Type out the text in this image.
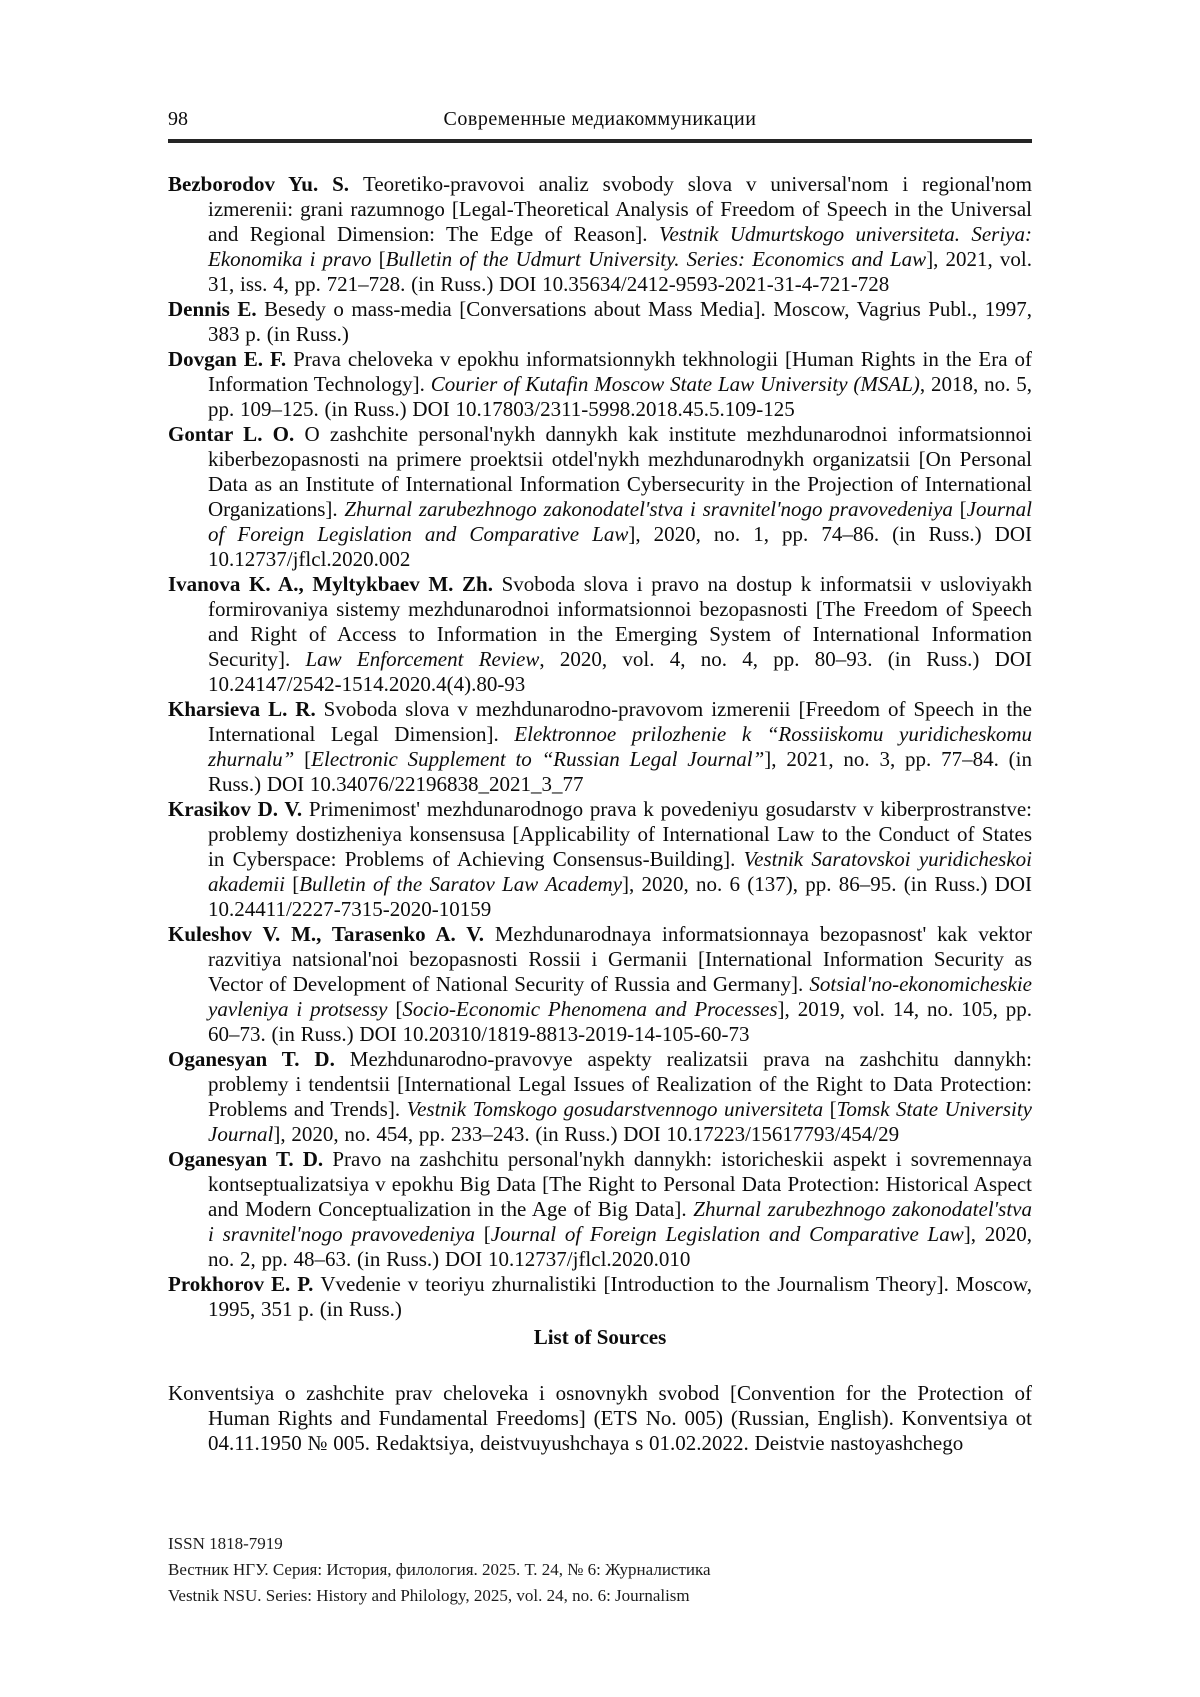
98	Современные медиакоммуникации

Bezborodov Yu. S. Teoretiko-pravovoi analiz svobody slova v universal'nom i regional'nom izmerenii: grani razumnogo [Legal-Theoretical Analysis of Freedom of Speech in the Universal and Regional Dimension: The Edge of Reason]. Vestnik Udmurtskogo universiteta. Seriya: Ekonomika i pravo [Bulletin of the Udmurt University. Series: Economics and Law], 2021, vol. 31, iss. 4, pp. 721–728. (in Russ.) DOI 10.35634/2412-9593-2021-31-4-721-728

Dennis E. Besedy o mass-media [Conversations about Mass Media]. Moscow, Vagrius Publ., 1997, 383 p. (in Russ.)

Dovgan E. F. Prava cheloveka v epokhu informatsionnykh tekhnologii [Human Rights in the Era of Information Technology]. Courier of Kutafin Moscow State Law University (MSAL), 2018, no. 5, pp. 109–125. (in Russ.) DOI 10.17803/2311-5998.2018.45.5.109-125

Gontar L. O. O zashchite personal'nykh dannykh kak institute mezhdunarodnoi informatsionnoi kiberbezopasnosti na primere proektsii otdel'nykh mezhdunarodnykh organizatsii [On Personal Data as an Institute of International Information Cybersecurity in the Projection of International Organizations]. Zhurnal zarubezhnogo zakonodatel'stva i sravnitel'nogo pravovedeniya [Journal of Foreign Legislation and Comparative Law], 2020, no. 1, pp. 74–86. (in Russ.) DOI 10.12737/jflcl.2020.002

Ivanova K. A., Myltykbaev M. Zh. Svoboda slova i pravo na dostup k informatsii v usloviyakh formirovaniya sistemy mezhdunarodnoi informatsionnoi bezopasnosti [The Freedom of Speech and Right of Access to Information in the Emerging System of International Information Security]. Law Enforcement Review, 2020, vol. 4, no. 4, pp. 80–93. (in Russ.) DOI 10.24147/2542-1514.2020.4(4).80-93

Kharsieva L. R. Svoboda slova v mezhdunarodno-pravovom izmerenii [Freedom of Speech in the International Legal Dimension]. Elektronnoe prilozhenie k “Rossiiskomu yuridicheskomu zhurnalu” [Electronic Supplement to “Russian Legal Journal”], 2021, no. 3, pp. 77–84. (in Russ.) DOI 10.34076/22196838_2021_3_77

Krasikov D. V. Primenimost' mezhdunarodnogo prava k povedeniyu gosudarstv v kiberprostranstve: problemy dostizheniya konsensusa [Applicability of International Law to the Conduct of States in Cyberspace: Problems of Achieving Consensus-Building]. Vestnik Saratovskoi yuridicheskoi akademii [Bulletin of the Saratov Law Academy], 2020, no. 6 (137), pp. 86–95. (in Russ.) DOI 10.24411/2227-7315-2020-10159

Kuleshov V. M., Tarasenko A. V. Mezhdunarodnaya informatsionnaya bezopasnost' kak vektor razvitiya natsional'noi bezopasnosti Rossii i Germanii [International Information Security as Vector of Development of National Security of Russia and Germany]. Sotsial'no-ekonomicheskie yavleniya i protsessy [Socio-Economic Phenomena and Processes], 2019, vol. 14, no. 105, pp. 60–73. (in Russ.) DOI 10.20310/1819-8813-2019-14-105-60-73

Oganesyan T. D. Mezhdunarodno-pravovye aspekty realizatsii prava na zashchitu dannykh: problemy i tendentsii [International Legal Issues of Realization of the Right to Data Protection: Problems and Trends]. Vestnik Tomskogo gosudarstvennogo universiteta [Tomsk State University Journal], 2020, no. 454, pp. 233–243. (in Russ.) DOI 10.17223/15617793/454/29

Oganesyan T. D. Pravo na zashchitu personal'nykh dannykh: istoricheskii aspekt i sovremennaya kontseptualizatsiya v epokhu Big Data [The Right to Personal Data Protection: Historical Aspect and Modern Conceptualization in the Age of Big Data]. Zhurnal zarubezhnogo zakonodatel'stva i sravnitel'nogo pravovedeniya [Journal of Foreign Legislation and Comparative Law], 2020, no. 2, pp. 48–63. (in Russ.) DOI 10.12737/jflcl.2020.010

Prokhorov E. P. Vvedenie v teoriyu zhurnalistiki [Introduction to the Journalism Theory]. Moscow, 1995, 351 p. (in Russ.)

List of Sources

Konventsiya o zashchite prav cheloveka i osnovnykh svobod [Convention for the Protection of Human Rights and Fundamental Freedoms] (ETS No. 005) (Russian, English). Konventsiya ot 04.11.1950 № 005. Redaktsiya, deistvuyushchaya s 01.02.2022. Deistvie nastoyashchego

ISSN 1818-7919
Вестник НГУ. Серия: История, филология. 2025. Т. 24, № 6: Журналистика
Vestnik NSU. Series: History and Philology, 2025, vol. 24, no. 6: Journalism
